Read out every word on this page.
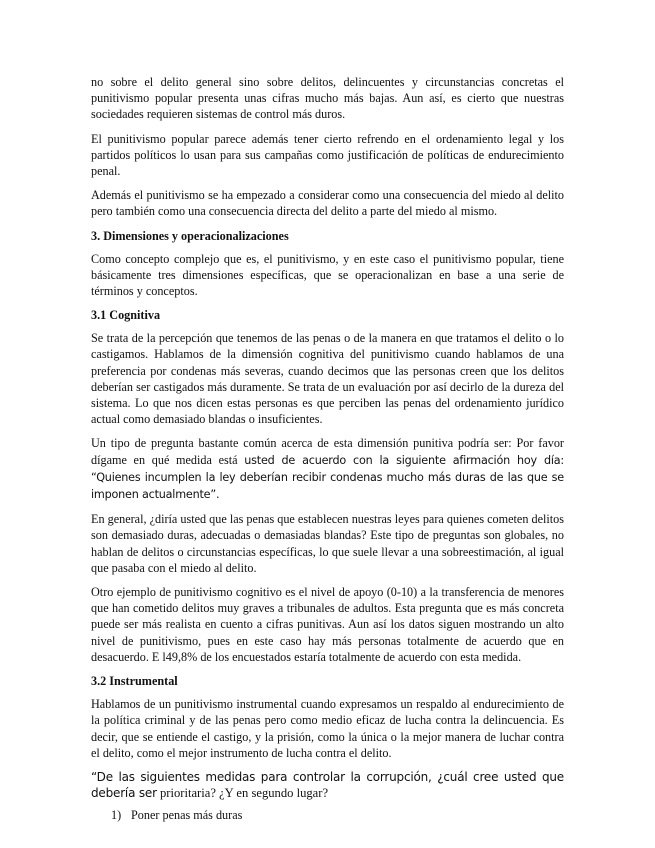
no sobre el delito general sino sobre delitos, delincuentes y circunstancias concretas el punitivismo popular presenta unas cifras mucho más bajas. Aun así, es cierto que nuestras sociedades requieren sistemas de control más duros.

El punitivismo popular parece además tener cierto refrendo en el ordenamiento legal y los partidos políticos lo usan para sus campañas como justificación de políticas de endurecimiento penal.

Además el punitivismo se ha empezado a considerar como una consecuencia del miedo al delito pero también como una consecuencia directa del delito a parte del miedo al mismo.

3. Dimensiones y operacionalizaciones

Como concepto complejo que es, el punitivismo, y en este caso el punitivismo popular, tiene básicamente tres dimensiones específicas, que se operacionalizan en base a una serie de términos y conceptos.

3.1 Cognitiva

Se trata de la percepción que tenemos de las penas o de la manera en que tratamos el delito o lo castigamos. Hablamos de la dimensión cognitiva del punitivismo cuando hablamos de una preferencia por condenas más severas, cuando decimos que las personas creen que los delitos deberían ser castigados más duramente. Se trata de un evaluación por así decirlo de la dureza del sistema. Lo que nos dicen estas personas es que perciben las penas del ordenamiento jurídico actual como demasiado blandas o insuficientes.

Un tipo de pregunta bastante común acerca de esta dimensión punitiva podría ser: Por favor dígame en qué medida está usted de acuerdo con la siguiente afirmación hoy día: “Quienes incumplen la ley deberían recibir condenas mucho más duras de las que se imponen actualmente”.

En general, ¿diría usted que las penas que establecen nuestras leyes para quienes cometen delitos son demasiado duras, adecuadas o demasiadas blandas? Este tipo de preguntas son globales, no hablan de delitos o circunstancias específicas, lo que suele llevar a una sobreestimación, al igual que pasaba con el miedo al delito.

Otro ejemplo de punitivismo cognitivo es el nivel de apoyo (0-10) a la transferencia de menores que han cometido delitos muy graves a tribunales de adultos. Esta pregunta que es más concreta puede ser más realista en cuento a cifras punitivas. Aun así los datos siguen mostrando un alto nivel de punitivismo, pues en este caso hay más personas totalmente de acuerdo que en desacuerdo. E l49,8% de los encuestados estaría totalmente de acuerdo con esta medida.

3.2 Instrumental

Hablamos de un punitivismo instrumental cuando expresamos un respaldo al endurecimiento de la política criminal y de las penas pero como medio eficaz de lucha contra la delincuencia. Es decir, que se entiende el castigo, y la prisión, como la única o la mejor manera de luchar contra el delito, como el mejor instrumento de lucha contra el delito.

“De las siguientes medidas para controlar la corrupción, ¿cuál cree usted que debería ser prioritaria? ¿Y en segundo lugar?

1) Poner penas más duras
